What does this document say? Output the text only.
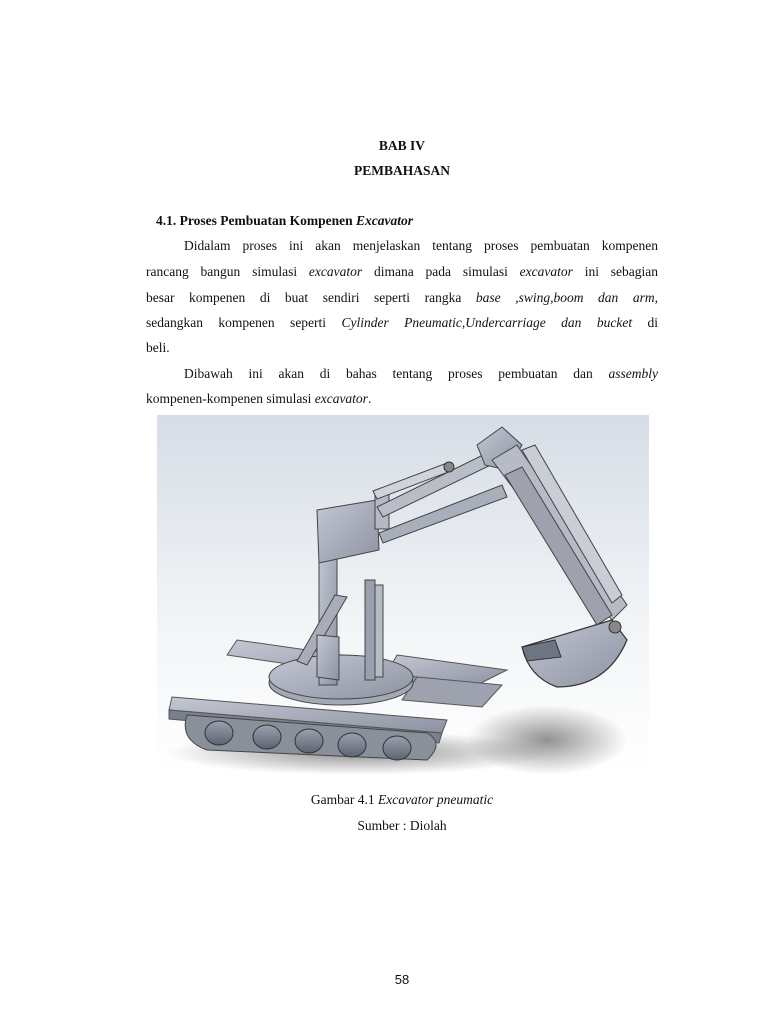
BAB IV
PEMBAHASAN
4.1. Proses Pembuatan Kompenen Excavator
Didalam proses ini akan menjelaskan tentang proses pembuatan kompenen
rancang bangun simulasi excavator dimana pada simulasi excavator ini sebagian
besar kompenen di buat sendiri seperti rangka base ,swing,boom dan arm,
sedangkan kompenen seperti Cylinder Pneumatic,Undercarriage dan bucket di
beli.
Dibawah ini akan di bahas tentang proses pembuatan dan assembly
kompenen-kompenen simulasi excavator.
Gambar 4.1 Excavator pneumatic
Sumber : Diolah
58
